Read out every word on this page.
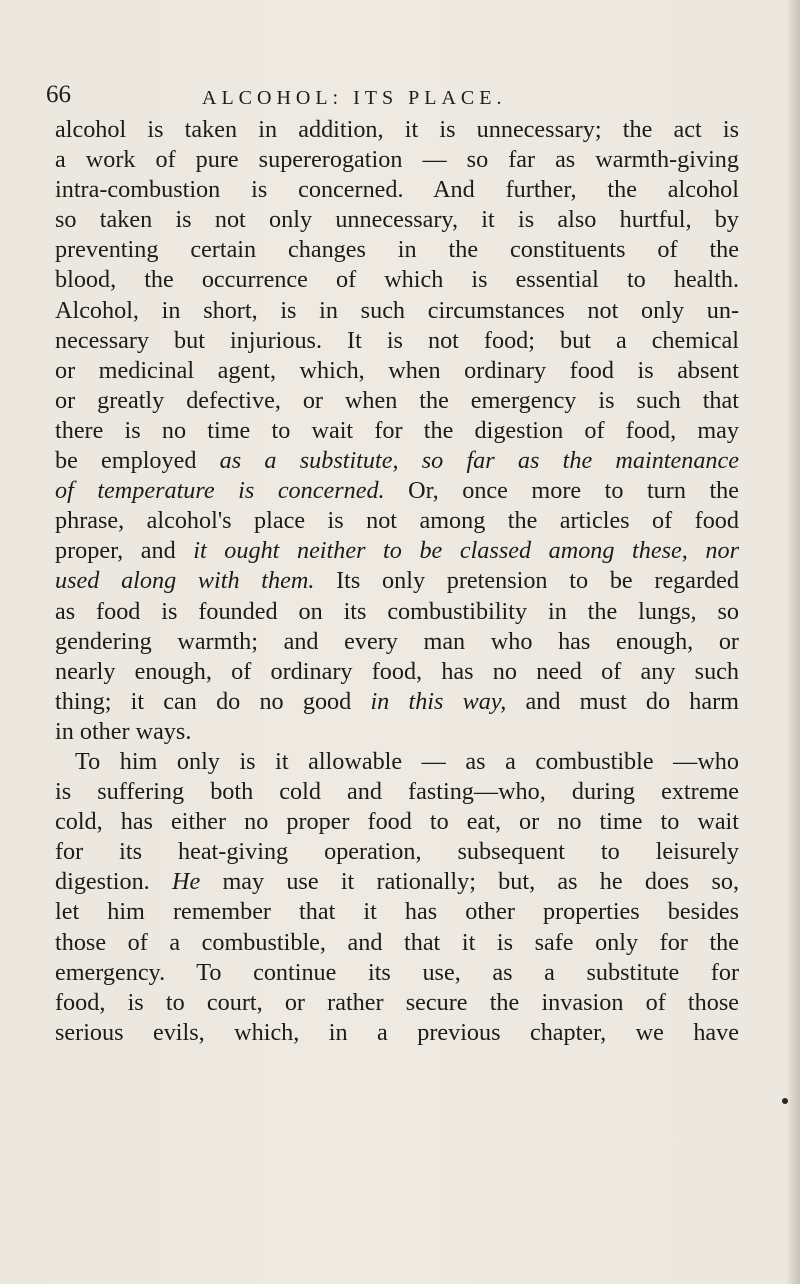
66	ALCOHOL: ITS PLACE.
alcohol is taken in addition, it is unnecessary; the act is
a work of pure supererogation — so far as warmth-giving
intra-combustion is concerned. And further, the alcohol
so taken is not only unnecessary, it is also hurtful, by
preventing certain changes in the constituents of the
blood, the occurrence of which is essential to health.
Alcohol, in short, is in such circumstances not only un-
necessary but injurious. It is not food; but a chemical
or medicinal agent, which, when ordinary food is absent
or greatly defective, or when the emergency is such that
there is no time to wait for the digestion of food, may
be employed as a substitute, so far as the maintenance
of temperature is concerned. Or, once more to turn the
phrase, alcohol's place is not among the articles of food
proper, and it ought neither to be classed among these, nor
used along with them. Its only pretension to be regarded
as food is founded on its combustibility in the lungs, so
gendering warmth; and every man who has enough, or
nearly enough, of ordinary food, has no need of any such
thing; it can do no good in this way, and must do harm
in other ways.
To him only is it allowable — as a combustible —who
is suffering both cold and fasting—who, during extreme
cold, has either no proper food to eat, or no time to wait
for its heat-giving operation, subsequent to leisurely
digestion. He may use it rationally; but, as he does so,
let him remember that it has other properties besides
those of a combustible, and that it is safe only for the
emergency. To continue its use, as a substitute for
food, is to court, or rather secure the invasion of those
serious evils, which, in a previous chapter, we have
